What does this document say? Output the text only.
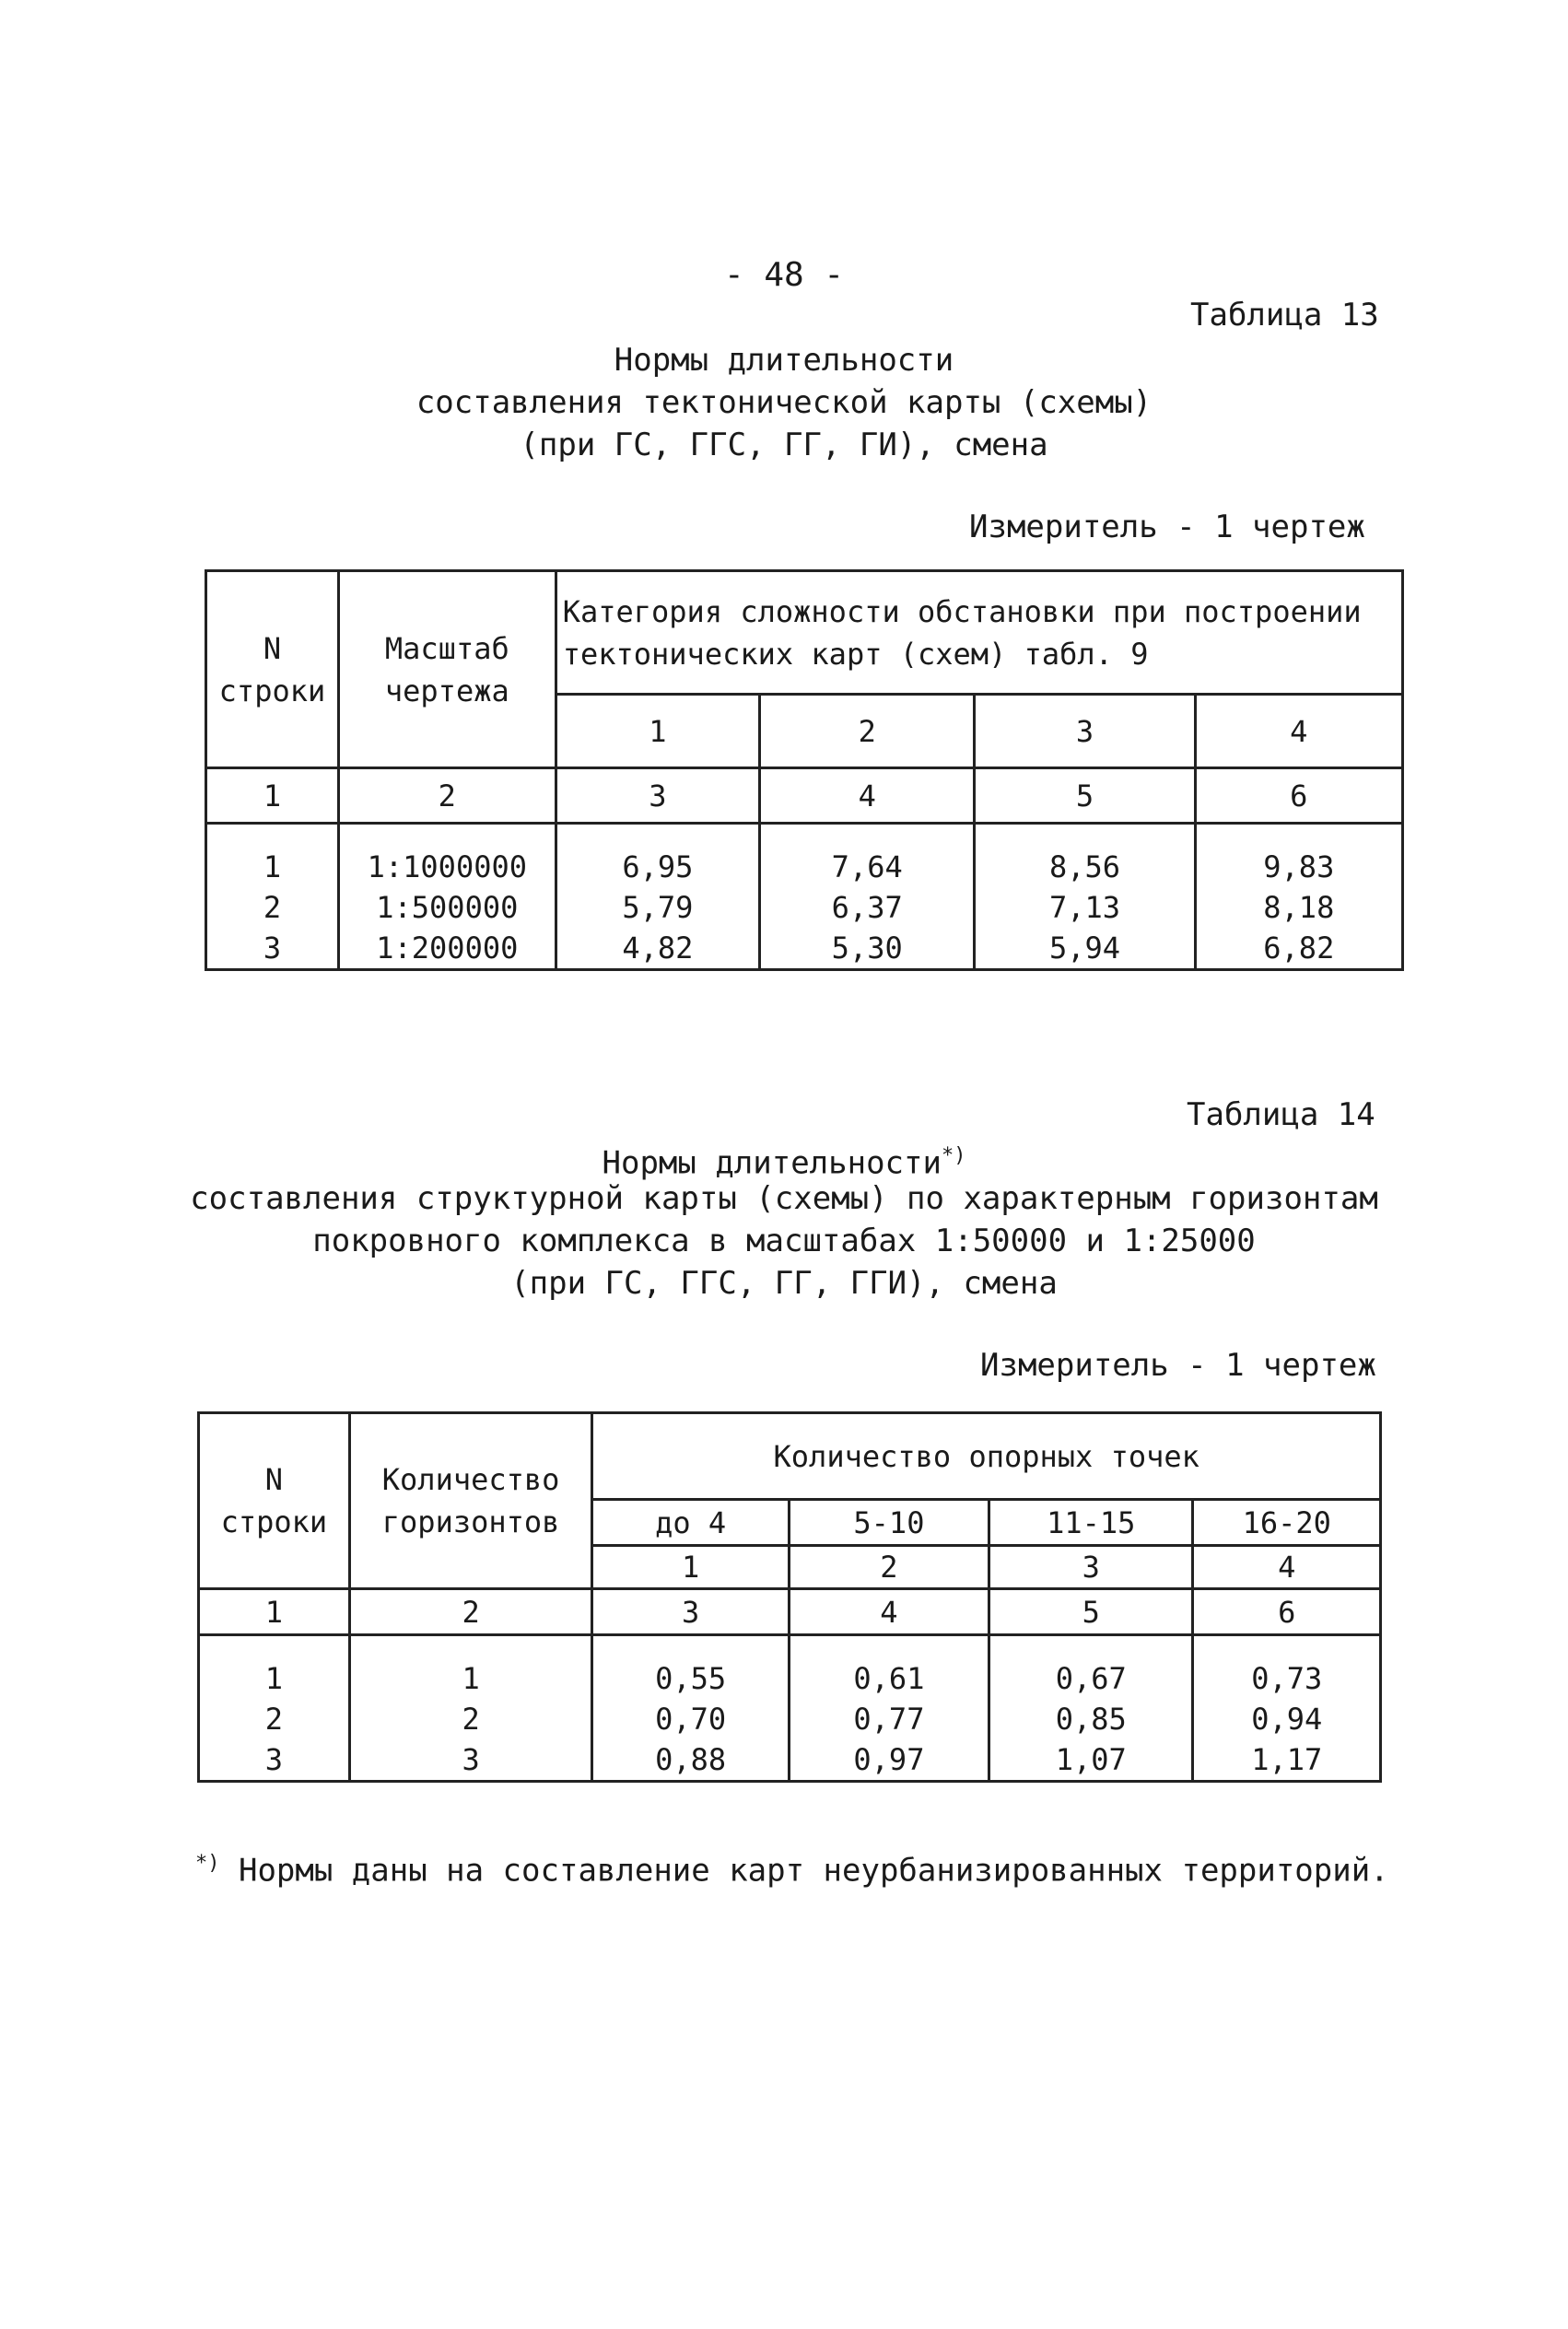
- 48 -
Таблица 13
Нормы длительности
составления тектонической карты (схемы)
(при ГС, ГГС, ГГ, ГИ), смена
Измеритель - 1 чертеж
N строки	Масштаб чертежа	Категория сложности обстановки при построении тектонических карт (схем) табл. 9			
		1	2	3	4
1	2	3	4	5	6

1	1:1000000	6,95	7,64	8,56	9,83
2	1:500000	5,79	6,37	7,13	8,18
3	1:200000	4,82	5,30	5,94	6,82
Таблица 14
Нормы длительности*)
составления структурной карты (схемы) по характерным горизонтам
покровного комплекса в масштабах 1:50000 и 1:25000
(при ГС, ГГС, ГГ, ГГИ), смена
Измеритель - 1 чертеж
N строки	Количество горизонтов	Количество опорных точек			
		до 4	5-10	11-15	16-20
		1	2	3	4
1	2	3	4	5	6

1	1	0,55	0,61	0,67	0,73
2	2	0,70	0,77	0,85	0,94
3	3	0,88	0,97	1,07	1,17
*) Нормы даны на составление карт неурбанизированных территорий.
